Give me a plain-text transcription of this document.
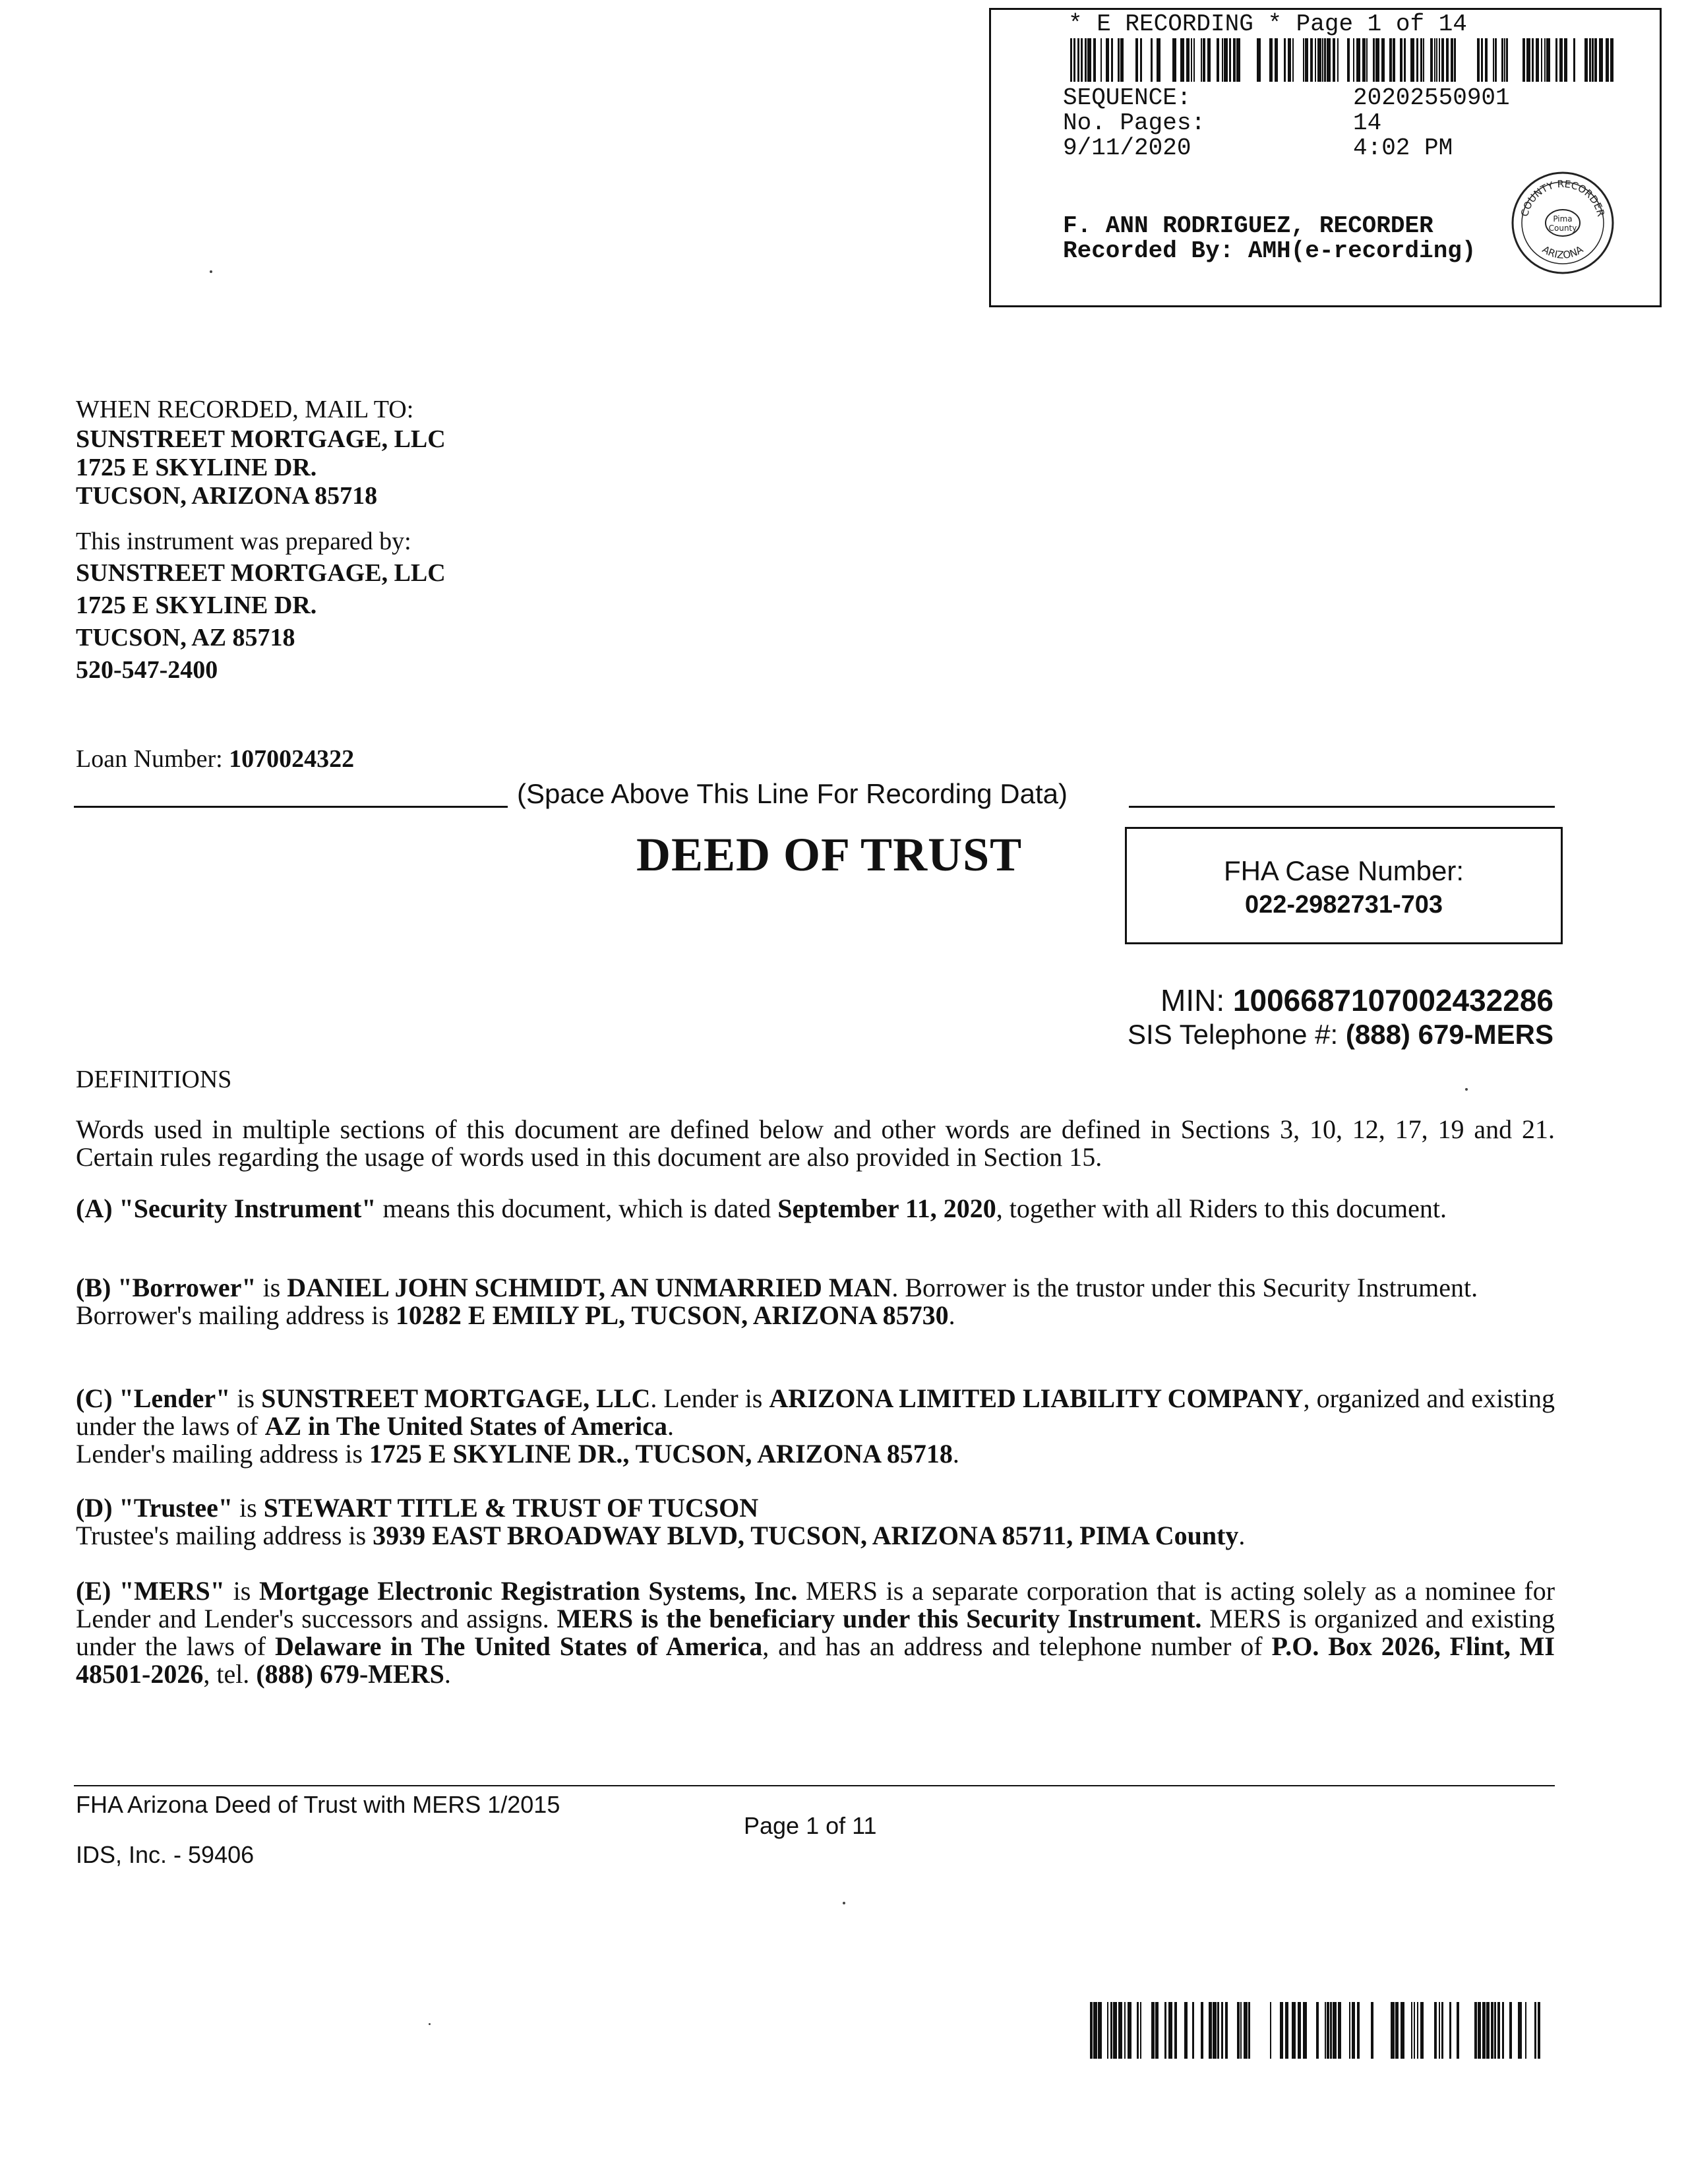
* E RECORDING * Page 1 of 14
SEQUENCE:	20202550901
No. Pages:	14
9/11/2020	4:02 PM
F. ANN RODRIGUEZ, RECORDER
Recorded By: AMH(e-recording)
COUNTY RECORDER
ARIZONA
Pima
County
WHEN RECORDED, MAIL TO:
SUNSTREET MORTGAGE, LLC
1725 E SKYLINE DR.
TUCSON, ARIZONA 85718
This instrument was prepared by:
SUNSTREET MORTGAGE, LLC
1725 E SKYLINE DR.
TUCSON, AZ 85718
520-547-2400
Loan Number: 1070024322
(Space Above This Line For Recording Data)
DEED OF TRUST	FHA Case Number:
022-2982731-703
MIN: 1006687107002432286
SIS Telephone #: (888) 679-MERS
DEFINITIONS
Words used in multiple sections of this document are defined below and other words are defined in Sections 3, 10, 12, 17, 19 and 21. Certain rules regarding the usage of words used in this document are also provided in Section 15.
(A) "Security Instrument" means this document, which is dated September 11, 2020, together with all Riders to this document.
(B) "Borrower" is DANIEL JOHN SCHMIDT, AN UNMARRIED MAN. Borrower is the trustor under this Security Instrument.
Borrower's mailing address is 10282 E EMILY PL, TUCSON, ARIZONA 85730.
(C) "Lender" is SUNSTREET MORTGAGE, LLC. Lender is ARIZONA LIMITED LIABILITY COMPANY, organized and existing under the laws of AZ in The United States of America.
Lender's mailing address is 1725 E SKYLINE DR., TUCSON, ARIZONA 85718.
(D) "Trustee" is STEWART TITLE & TRUST OF TUCSON
Trustee's mailing address is 3939 EAST BROADWAY BLVD, TUCSON, ARIZONA 85711, PIMA County.
(E) "MERS" is Mortgage Electronic Registration Systems, Inc. MERS is a separate corporation that is acting solely as a nominee for Lender and Lender's successors and assigns. MERS is the beneficiary under this Security Instrument. MERS is organized and existing under the laws of Delaware in The United States of America, and has an address and telephone number of P.O. Box 2026, Flint, MI 48501-2026, tel. (888) 679-MERS.
FHA Arizona Deed of Trust with MERS 1/2015
Page 1 of 11
IDS, Inc. - 59406
